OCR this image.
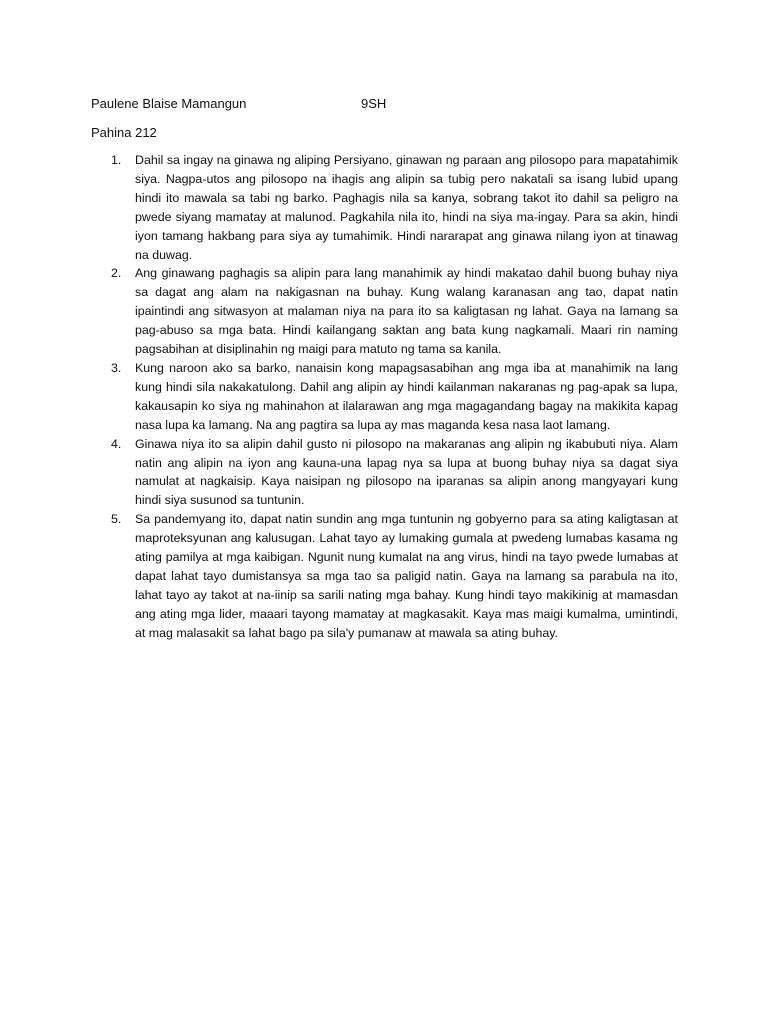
Paulene Blaise Mamangun	9SH
Pahina 212
1.	Dahil sa ingay na ginawa ng aliping Persiyano, ginawan ng paraan ang pilosopo para mapatahimik siya. Nagpa-utos ang pilosopo na ihagis ang alipin sa tubig pero nakatali sa isang lubid upang hindi ito mawala sa tabi ng barko. Paghagis nila sa kanya, sobrang takot ito dahil sa peligro na pwede siyang mamatay at malunod. Pagkahila nila ito, hindi na siya ma-ingay. Para sa akin, hindi iyon tamang hakbang para siya ay tumahimik. Hindi nararapat ang ginawa nilang iyon at tinawag na duwag.
2.	Ang ginawang paghagis sa alipin para lang manahimik ay hindi makatao dahil buong buhay niya sa dagat ang alam na nakigasnan na buhay. Kung walang karanasan ang tao, dapat natin ipaintindi ang sitwasyon at malaman niya na para ito sa kaligtasan ng lahat. Gaya na lamang sa pag-abuso sa mga bata. Hindi kailangang saktan ang bata kung nagkamali. Maari rin naming pagsabihan at disiplinahin ng maigi para matuto ng tama sa kanila.
3.	Kung naroon ako sa barko, nanaisin kong mapagsasabihan ang mga iba at manahimik na lang kung hindi sila nakakatulong. Dahil ang alipin ay hindi kailanman nakaranas ng pag-apak sa lupa, kakausapin ko siya ng mahinahon at ilalarawan ang mga magagandang bagay na makikita kapag nasa lupa ka lamang. Na ang pagtira sa lupa ay mas maganda kesa nasa laot lamang.
4.	Ginawa niya ito sa alipin dahil gusto ni pilosopo na makaranas ang alipin ng ikabubuti niya. Alam natin ang alipin na iyon ang kauna-una lapag nya sa lupa at buong buhay niya sa dagat siya namulat at nagkaisip. Kaya naisipan ng pilosopo na iparanas sa alipin anong mangyayari kung hindi siya susunod sa tuntunin.
5.	Sa pandemyang ito, dapat natin sundin ang mga tuntunin ng gobyerno para sa ating kaligtasan at maproteksyunan ang kalusugan. Lahat tayo ay lumaking gumala at pwedeng lumabas kasama ng ating pamilya at mga kaibigan. Ngunit nung kumalat na ang virus, hindi na tayo pwede lumabas at dapat lahat tayo dumistansya sa mga tao sa paligid natin. Gaya na lamang sa parabula na ito, lahat tayo ay takot at na-iinip sa sarili nating mga bahay. Kung hindi tayo makikinig at mamasdan ang ating mga lider, maaari tayong mamatay at magkasakit. Kaya mas maigi kumalma, umintindi, at mag malasakit sa lahat bago pa sila'y pumanaw at mawala sa ating buhay.
